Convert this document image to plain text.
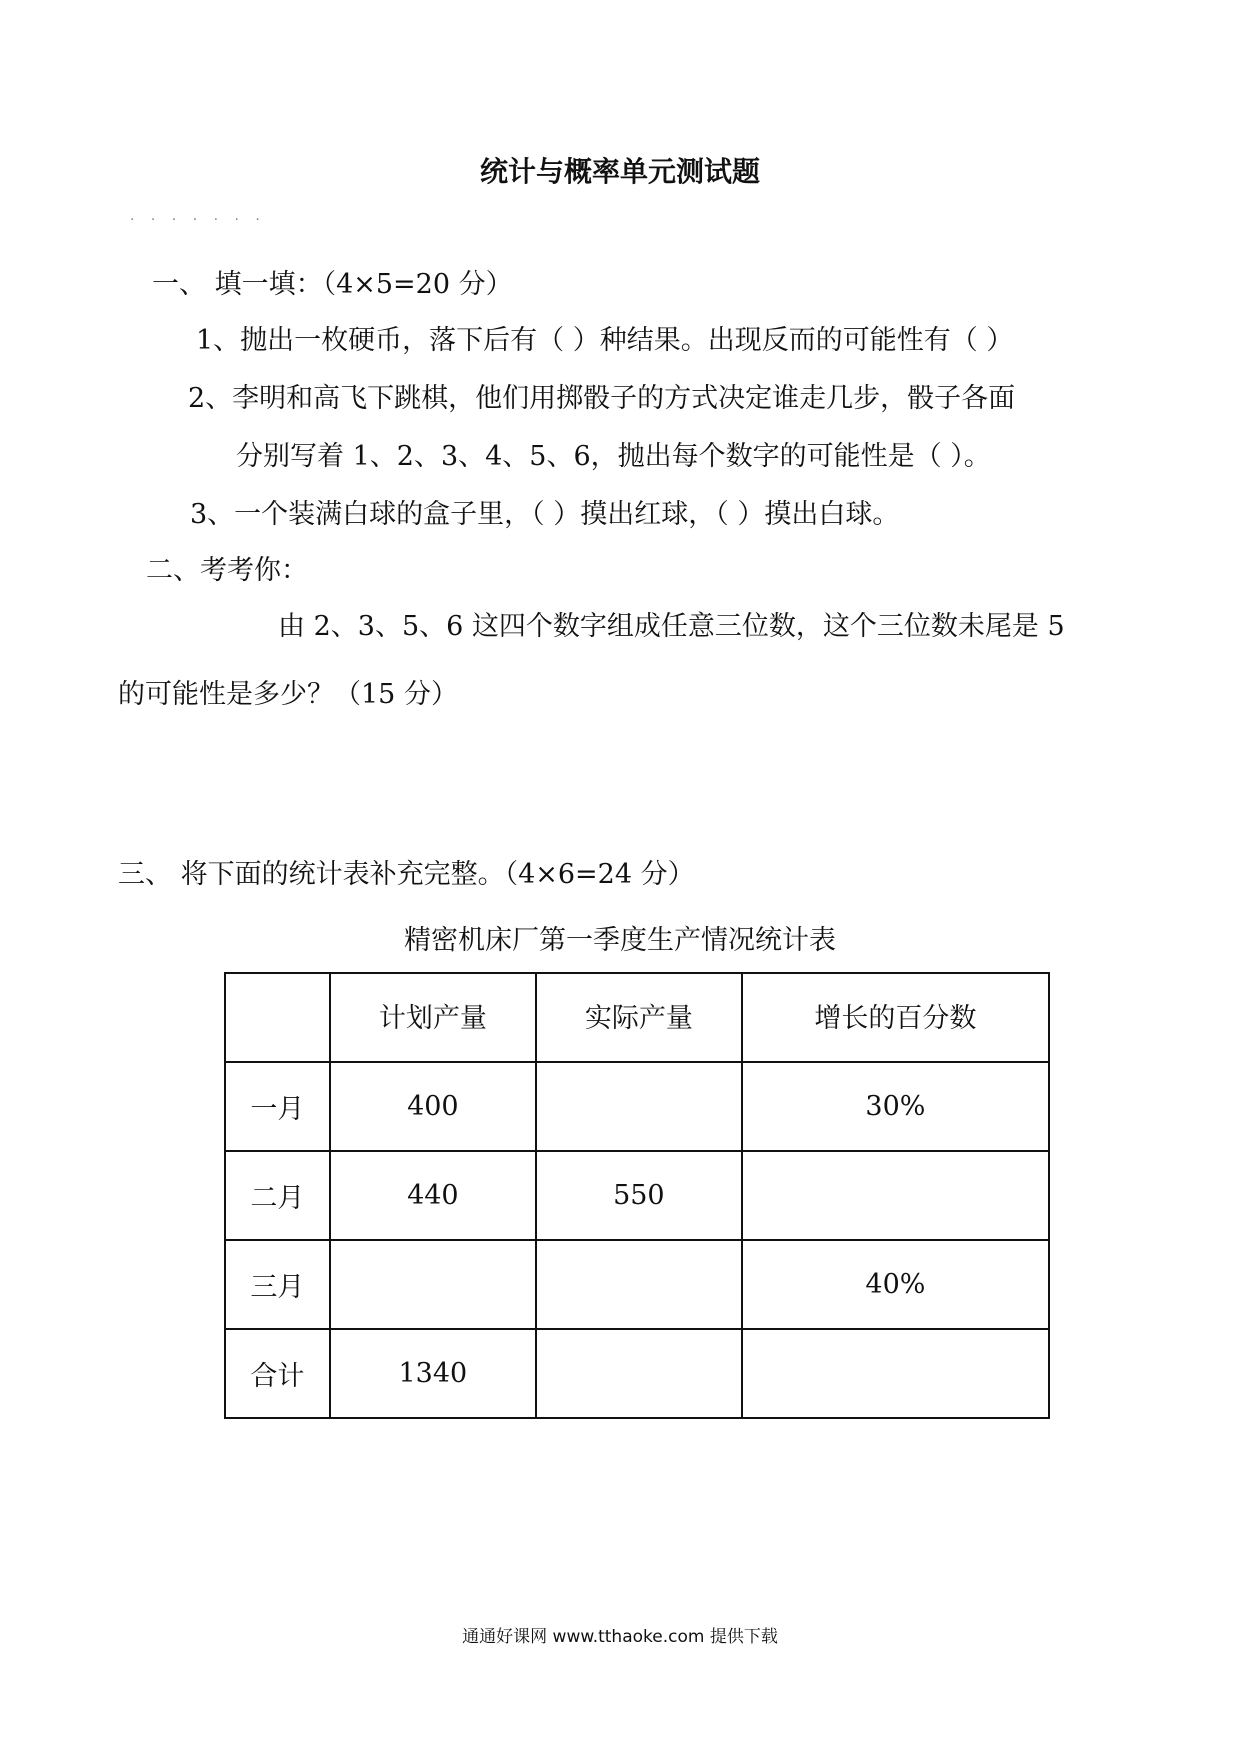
统计与概率单元测试题
· · · · · · ·
一、 填一填：（4×5=20 分）
1、抛出一枚硬币，落下后有（ ）种结果。出现反而的可能性有（ ）
2、李明和高飞下跳棋，他们用掷骰子的方式决定谁走几步，骰子各面
分别写着 1、2、3、4、5、6，抛出每个数字的可能性是（ ）。
3、一个装满白球的盒子里，（ ）摸出红球，（ ）摸出白球。
二、考考你：
由 2、3、5、6 这四个数字组成任意三位数，这个三位数未尾是 5
的可能性是多少？（15 分）
三、 将下面的统计表补充完整。（4×6=24 分）
精密机床厂第一季度生产情况统计表
	计划产量	实际产量	增长的百分数
一月	400		30%
二月	440	550	
三月			40%
合计	1340		
通通好课网 www.tthaoke.com 提供下载
